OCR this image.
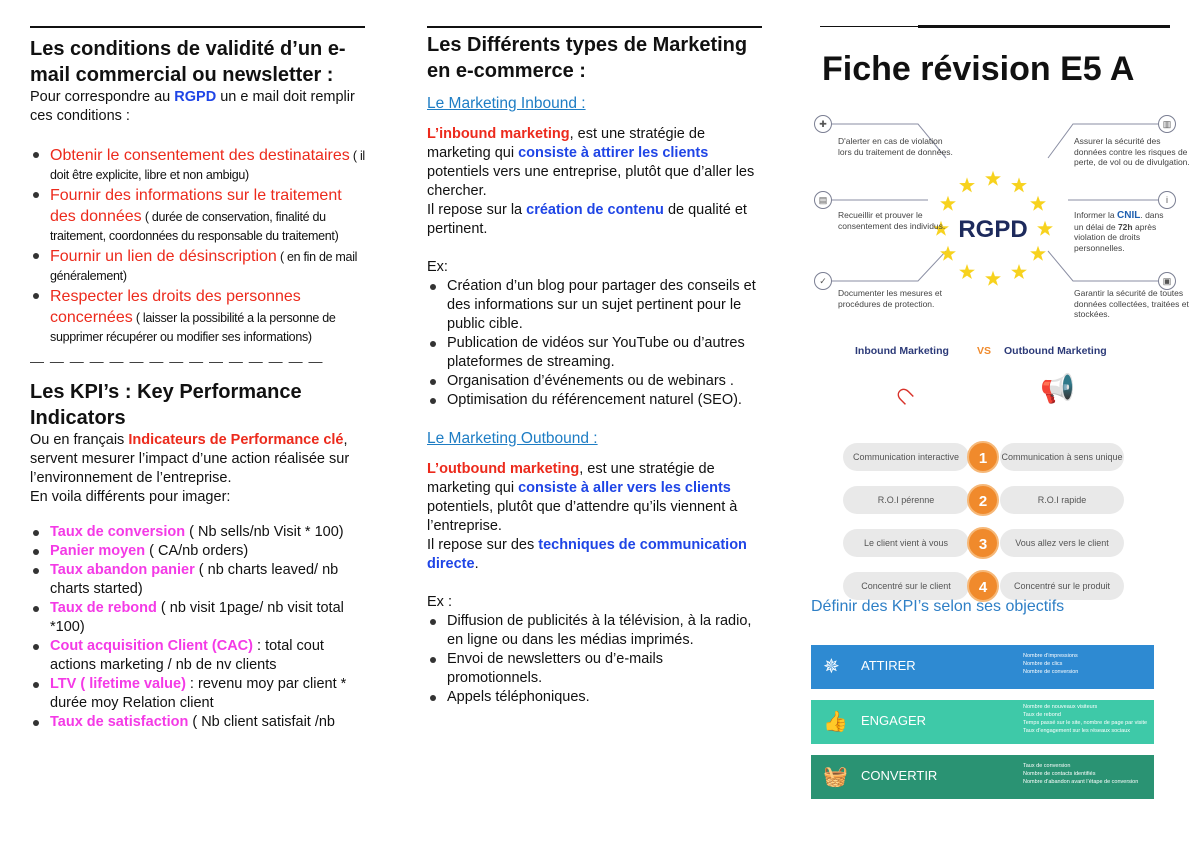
Les conditions de validité d’un e-mail commercial ou newsletter :
Pour correspondre au RGPD un e mail doit remplir ces conditions :
Obtenir le consentement des destinataires ( il doit être explicite, libre et non ambigu)
Fournir des informations sur le traitement des données ( durée de conservation, finalité du traitement, coordonnées du responsable du traitement)
Fournir un lien de désinscription ( en fin de mail généralement)
Respecter les droits des personnes concernées ( laisser la possibilité a la personne de supprimer récupérer ou modifier ses informations)
— — — — — — — — — — — — — — —
Les KPI’s : Key Performance Indicators
Ou en français Indicateurs de Performance clé, servent mesurer l’impact d’une action réalisée sur l’environnement de l’entreprise.
En voila différents pour imager:
Taux de conversion ( Nb sells/nb Visit * 100)
Panier moyen ( CA/nb orders)
Taux abandon panier ( nb charts leaved/ nb charts started)
Taux de rebond ( nb visit 1page/ nb visit total *100)
Cout acquisition Client (CAC) : total cout actions marketing / nb de nv clients
LTV ( lifetime value) : revenu moy par client * durée moy Relation client
Taux de satisfaction ( Nb client satisfait /nb
Les Différents types de Marketing en e-commerce :
Le Marketing Inbound :
L’inbound marketing, est une stratégie de marketing qui consiste à attirer les clients potentiels vers une entreprise, plutôt que d’aller les chercher.
Il repose sur la création de contenu de qualité et pertinent.
Ex:
Création d’un blog pour partager des conseils et des informations sur un sujet pertinent pour le public cible.
Publication de vidéos sur YouTube ou d’autres plateformes de streaming.
Organisation d’événements ou de webinars .
Optimisation du référencement naturel (SEO).
Le Marketing Outbound :
L’outbound marketing, est une stratégie de marketing qui consiste à aller vers les clients potentiels, plutôt que d’attendre qu’ils viennent à l’entreprise.
Il repose sur des techniques de communication directe.
Ex :
Diffusion de publicités à la télévision, à la radio, en ligne ou dans les médias imprimés.
Envoi de newsletters ou d’e-mails promotionnels.
Appels téléphoniques.
Fiche révision E5 A
✚
▤
✓
▥
i
▣
D'alerter en cas de violation lors du traitement de données.
Recueillir et prouver le consentement des individus.
Documenter les mesures et procédures de protection.
Assurer la sécurité des données contre les risques de perte, de vol ou de divulgation.
Informer la CNIL. dans un délai de 72h après violation de droits personnelles.
Garantir la sécurité de toutes données collectées, traitées et stockées.
RGPD
Inbound Marketing	VS Outbound Marketing
∩	📢
Communication interactive	Communication à sens unique
1
R.O.I pérenne	R.O.I rapide
2
Le client vient à vous	Vous allez vers le client
3
Concentré sur le client	Concentré sur le produit
4
Définir des KPI’s selon ses objectifs
✵ ATTIRER
Nombre d’impressions
Nombre de clics
Nombre de conversion
👍 ENGAGER
Nombre de nouveaux visiteurs
Taux de rebond
Temps passé sur le site, nombre de page par visite
Taux d’engagement sur les réseaux sociaux
🧺 CONVERTIR
Taux de conversion
Nombre de contacts identifiés
Nombre d’abandon avant l’étape de conversion
